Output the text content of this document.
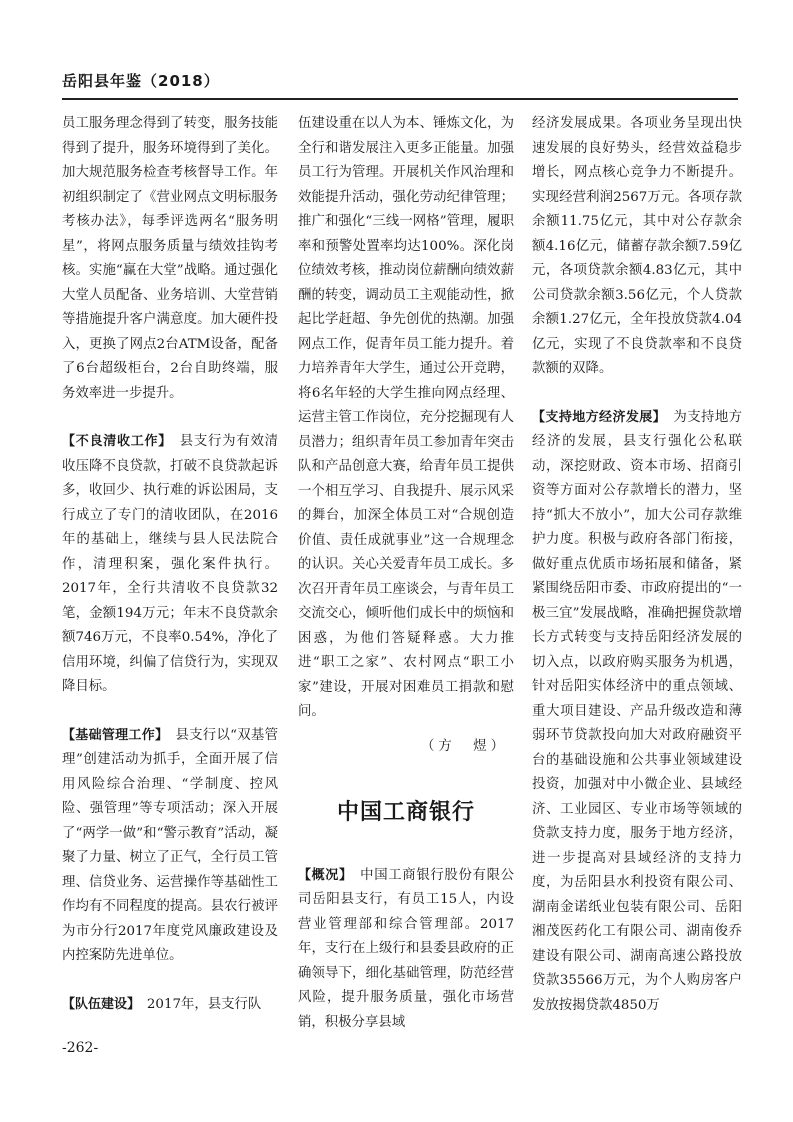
岳阳县年鉴（2018）

员工服务理念得到了转变，服务技能得到了提升，服务环境得到了美化。加大规范服务检查考核督导工作。年初组织制定了《营业网点文明标服务考核办法》，每季评选两名“服务明星”，将网点服务质量与绩效挂钩考核。实施“赢在大堂”战略。通过强化大堂人员配备、业务培训、大堂营销等措施提升客户满意度。加大硬件投入，更换了网点2台ATM设备，配备了6台超级柜台，2台自助终端，服务效率进一步提升。

【不良清收工作】　 县支行为有效清收压降不良贷款，打破不良贷款起诉多，收回少、执行难的诉讼困局，支行成立了专门的清收团队，在2016年的基础上，继续与县人民法院合作，清理积案，强化案件执行。2017年，全行共清收不良贷款32笔，金额194万元；年末不良贷款余额746万元，不良率0.54%，净化了信用环境，纠偏了信贷行为，实现双降目标。

【基础管理工作】　 县支行以“双基管理”创建活动为抓手，全面开展了信用风险综合治理、“学制度、控风险、强管理”等专项活动；深入开展了“两学一做”和“警示教育”活动，凝聚了力量、树立了正气，全行员工管理、信贷业务、运营操作等基础性工作均有不同程度的提高。县农行被评为市分行2017年度党风廉政建设及内控案防先进单位。

【队伍建设】　 2017年，县支行队

伍建设重在以人为本、锤炼文化，为全行和谐发展注入更多正能量。加强员工行为管理。开展机关作风治理和效能提升活动，强化劳动纪律管理；推广和强化“三线一网格”管理，履职率和预警处置率均达100%。深化岗位绩效考核，推动岗位薪酬向绩效薪酬的转变，调动员工主观能动性，掀起比学赶超、争先创优的热潮。加强网点工作，促青年员工能力提升。着力培养青年大学生，通过公开竞聘，将6名年轻的大学生推向网点经理、运营主管工作岗位，充分挖掘现有人员潜力；组织青年员工参加青年突击队和产品创意大赛，给青年员工提供一个相互学习、自我提升、展示风采的舞台，加深全体员工对“合规创造价值、责任成就事业”这一合规理念的认识。关心关爱青年员工成长。多次召开青年员工座谈会，与青年员工交流交心，倾听他们成长中的烦恼和困惑，为他们答疑释惑。大力推进“职工之家”、农村网点“职工小家”建设，开展对困难员工捐款和慰问。

（方　煜）

中国工商银行

【概况】　 中国工商银行股份有限公司岳阳县支行，有员工15人，内设营业管理部和综合管理部。2017年，支行在上级行和县委县政府的正确领导下，细化基础管理，防范经营风险，提升服务质量，强化市场营销，积极分享县域

经济发展成果。各项业务呈现出快速发展的良好势头，经营效益稳步增长，网点核心竞争力不断提升。实现经营利润2567万元。各项存款余额11.75亿元，其中对公存款余额4.16亿元，储蓄存款余额7.59亿元，各项贷款余额4.83亿元，其中公司贷款余额3.56亿元，个人贷款余额1.27亿元，全年投放贷款4.04亿元，实现了不良贷款率和不良贷款额的双降。

【支持地方经济发展】　 为支持地方经济的发展，县支行强化公私联动，深挖财政、资本市场、招商引资等方面对公存款增长的潜力，坚持“抓大不放小”，加大公司存款维护力度。积极与政府各部门衔接，做好重点优质市场拓展和储备，紧紧围绕岳阳市委、市政府提出的“一极三宜”发展战略，准确把握贷款增长方式转变与支持岳阳经济发展的切入点，以政府购买服务为机遇，针对岳阳实体经济中的重点领域、重大项目建设、产品升级改造和薄弱环节贷款投向加大对政府融资平台的基础设施和公共事业领域建设投资，加强对中小微企业、县域经济、工业园区、专业市场等领域的贷款支持力度，服务于地方经济，进一步提高对县域经济的支持力度，为岳阳县水利投资有限公司、湖南金诺纸业包装有限公司、岳阳湘茂医药化工有限公司、湖南俊乔建设有限公司、湖南高速公路投放贷款35566万元，为个人购房客户发放按揭贷款4850万

-262-
